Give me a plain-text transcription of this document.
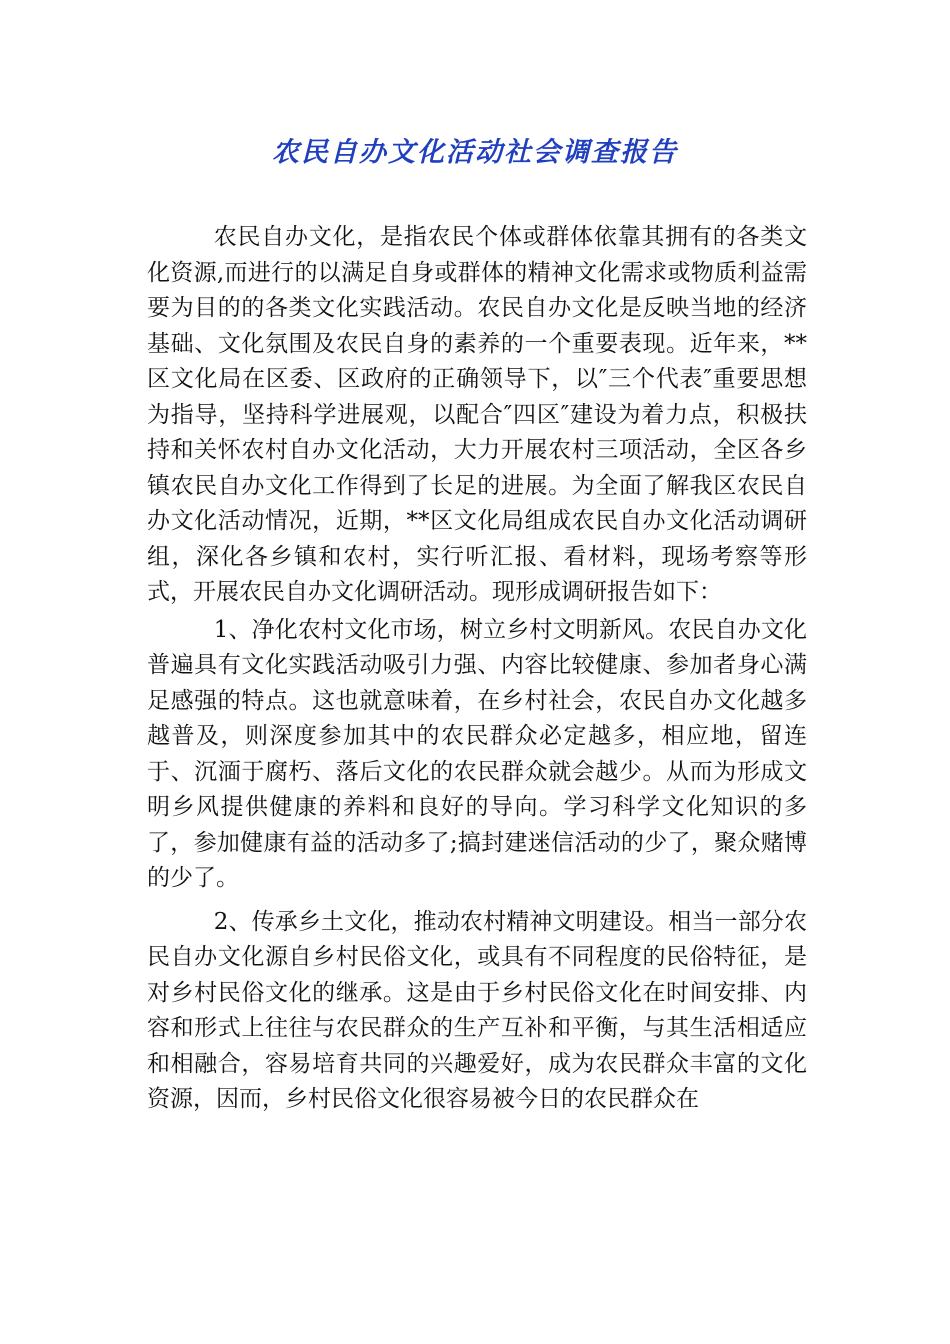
农民自办文化活动社会调查报告

农民自办文化，是指农民个体或群体依靠其拥有的各类文化资源,而进行的以满足自身或群体的精神文化需求或物质利益需要为目的的各类文化实践活动。农民自办文化是反映当地的经济基础、文化氛围及农民自身的素养的一个重要表现。近年来，**区文化局在区委、区政府的正确领导下，以″三个代表″重要思想为指导，坚持科学进展观，以配合″四区″建设为着力点，积极扶持和关怀农村自办文化活动，大力开展农村三项活动，全区各乡镇农民自办文化工作得到了长足的进展。为全面了解我区农民自办文化活动情况，近期，**区文化局组成农民自办文化活动调研组，深化各乡镇和农村，实行听汇报、看材料，现场考察等形式，开展农民自办文化调研活动。现形成调研报告如下：

1、净化农村文化市场，树立乡村文明新风。农民自办文化普遍具有文化实践活动吸引力强、内容比较健康、参加者身心满足感强的特点。这也就意味着，在乡村社会，农民自办文化越多越普及，则深度参加其中的农民群众必定越多，相应地，留连于、沉湎于腐朽、落后文化的农民群众就会越少。从而为形成文明乡风提供健康的养料和良好的导向。学习科学文化知识的多了，参加健康有益的活动多了;搞封建迷信活动的少了，聚众赌博的少了。

2、传承乡土文化，推动农村精神文明建设。相当一部分农民自办文化源自乡村民俗文化，或具有不同程度的民俗特征，是对乡村民俗文化的继承。这是由于乡村民俗文化在时间安排、内容和形式上往往与农民群众的生产互补和平衡，与其生活相适应和相融合，容易培育共同的兴趣爱好，成为农民群众丰富的文化资源，因而，乡村民俗文化很容易被今日的农民群众在
